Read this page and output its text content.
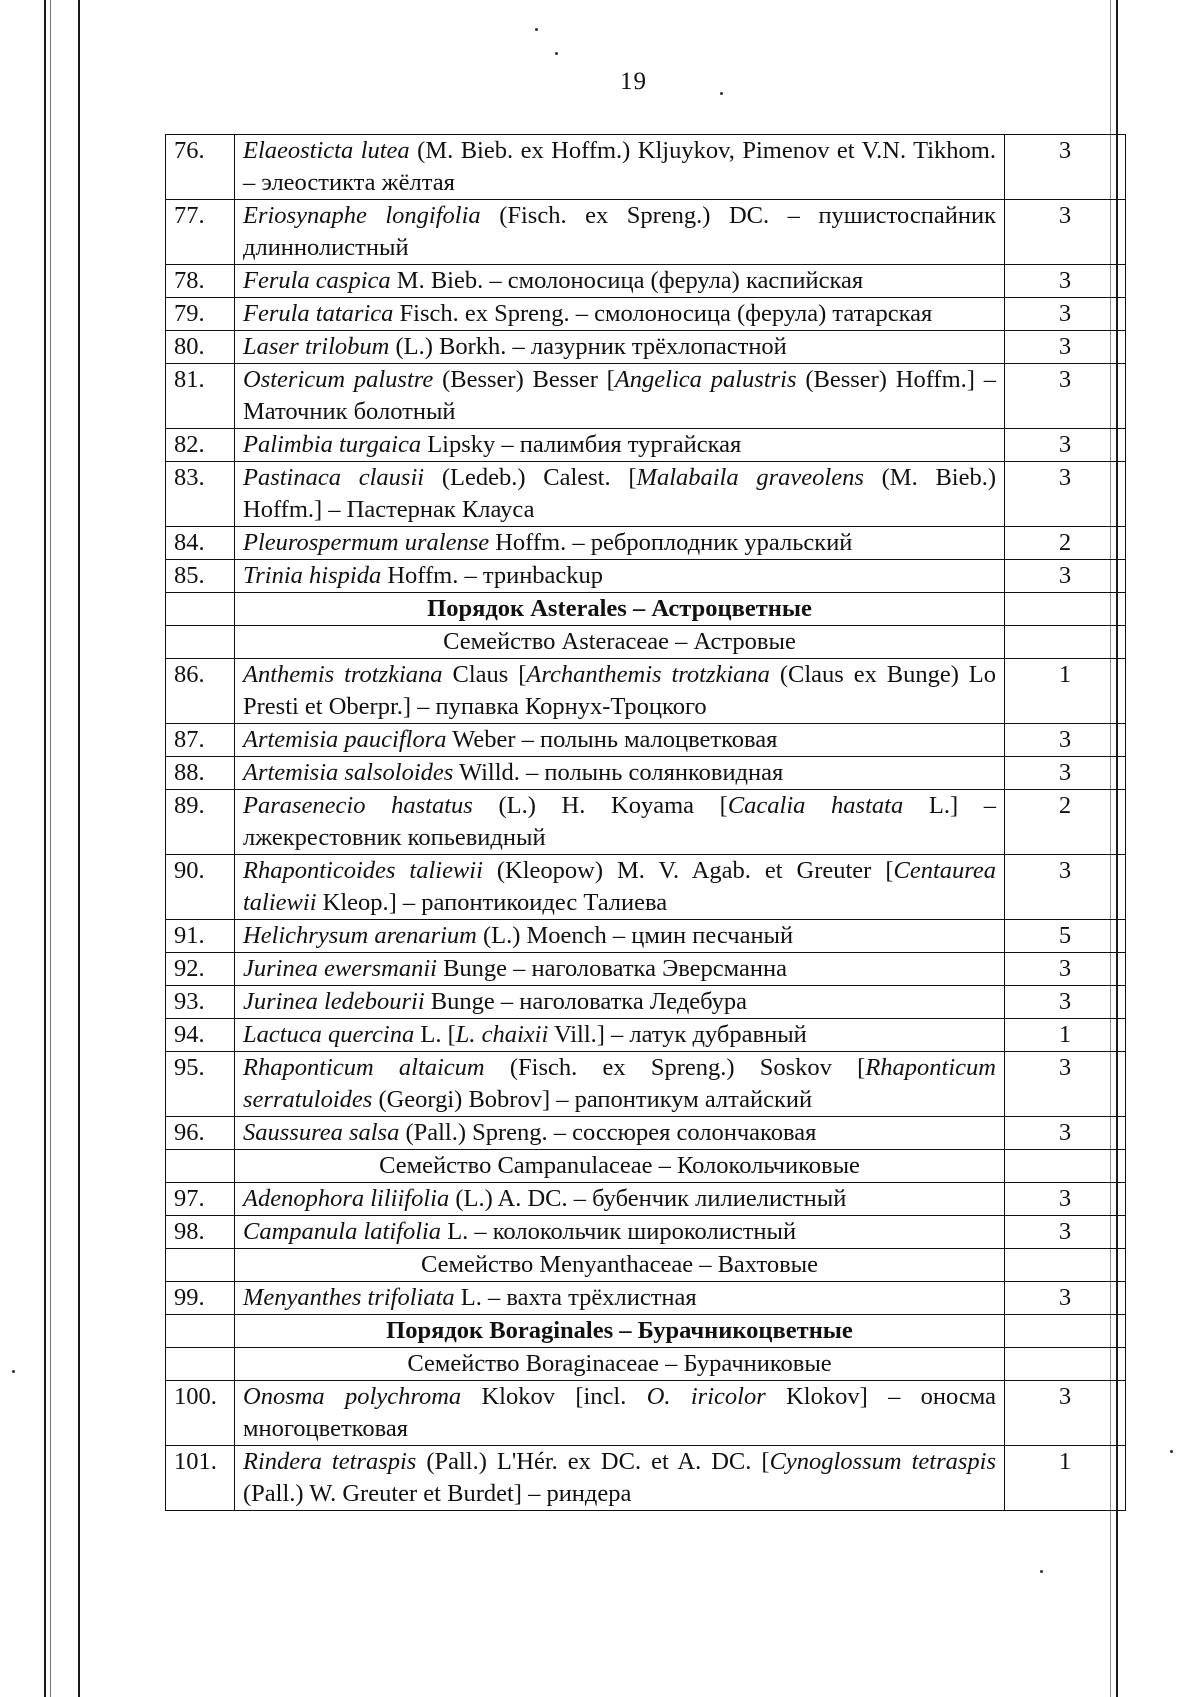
19
76.	Elaeosticta lutea (M. Bieb. ex Hoffm.) Kljuykov, Pimenov et V.N. Tikhom. – элеостикта жёлтая	3
77.	Eriosynaphe longifolia (Fisch. ex Spreng.) DC. – пушистоспайник длиннолистный	3
78.	Ferula caspica M. Bieb. – смолоносица (ферула) каспийская	3
79.	Ferula tatarica Fisch. ex Spreng. – смолоносица (ферула) татарская	3
80.	Laser trilobum (L.) Borkh. – лазурник трёхлопастной	3
81.	Ostericum palustre (Besser) Besser [Angelica palustris (Besser) Hoffm.] – Маточник болотный	3
82.	Palimbia turgaica Lipsky – палимбия тургайская	3
83.	Pastinaca clausii (Ledeb.) Calest. [Malabaila graveolens (M. Bieb.) Hoffm.] – Пастернак Клауса	3
84.	Pleurospermum uralense Hoffm. – реброплодник уральский	2
85.	Trinia hispida Hoffm. – тринbackup	3
	Порядок Asterales – Астроцветные	
	Семейство Asteraceae – Астровые	
86.	Anthemis trotzkiana Claus [Archanthemis trotzkiana (Claus ex Bunge) Lo Presti et Oberpr.] – пупавка Корнух-Троцкого	1
87.	Artemisia pauciflora Weber – полынь малоцветковая	3
88.	Artemisia salsoloides Willd. – полынь солянковидная	3
89.	Parasenecio hastatus (L.) H. Koyama [Cacalia hastata L.] – лжекрестовник копьевидный	2
90.	Rhaponticoides taliewii (Kleopow) M. V. Agab. et Greuter [Centaurea taliewii Kleop.] – рапонтикоидес Талиева	3
91.	Helichrysum arenarium (L.) Moench – цмин песчаный	5
92.	Jurinea ewersmanii Bunge – наголоватка Эверсманна	3
93.	Jurinea ledebourii Bunge – наголоватка Ледебура	3
94.	Lactuca quercina L. [L. chaixii Vill.] – латук дубравный	1
95.	Rhaponticum altaicum (Fisch. ex Spreng.) Soskov [Rhaponticum serratuloides (Georgi) Bobrov] – рапонтикум алтайский	3
96.	Saussurea salsa (Pall.) Spreng. – соссюрея солончаковая	3
	Семейство Campanulaceae – Колокольчиковые	
97.	Adenophora liliifolia (L.) A. DC. – бубенчик лилиелистный	3
98.	Campanula latifolia L. – колокольчик широколистный	3
	Семейство Menyanthaceae – Вахтовые	
99.	Menyanthes trifoliata L. – вахта трёхлистная	3
	Порядок Boraginales – Бурачникоцветные	
	Семейство Boraginaceae – Бурачниковые	
100.	Onosma polychroma Klokov [incl. O. iricolor Klokov] – оносма многоцветковая	3
101.	Rindera tetraspis (Pall.) L'Hér. ex DC. et A. DC. [Cynoglossum tetraspis (Pall.) W. Greuter et Burdet] – риндера	1
